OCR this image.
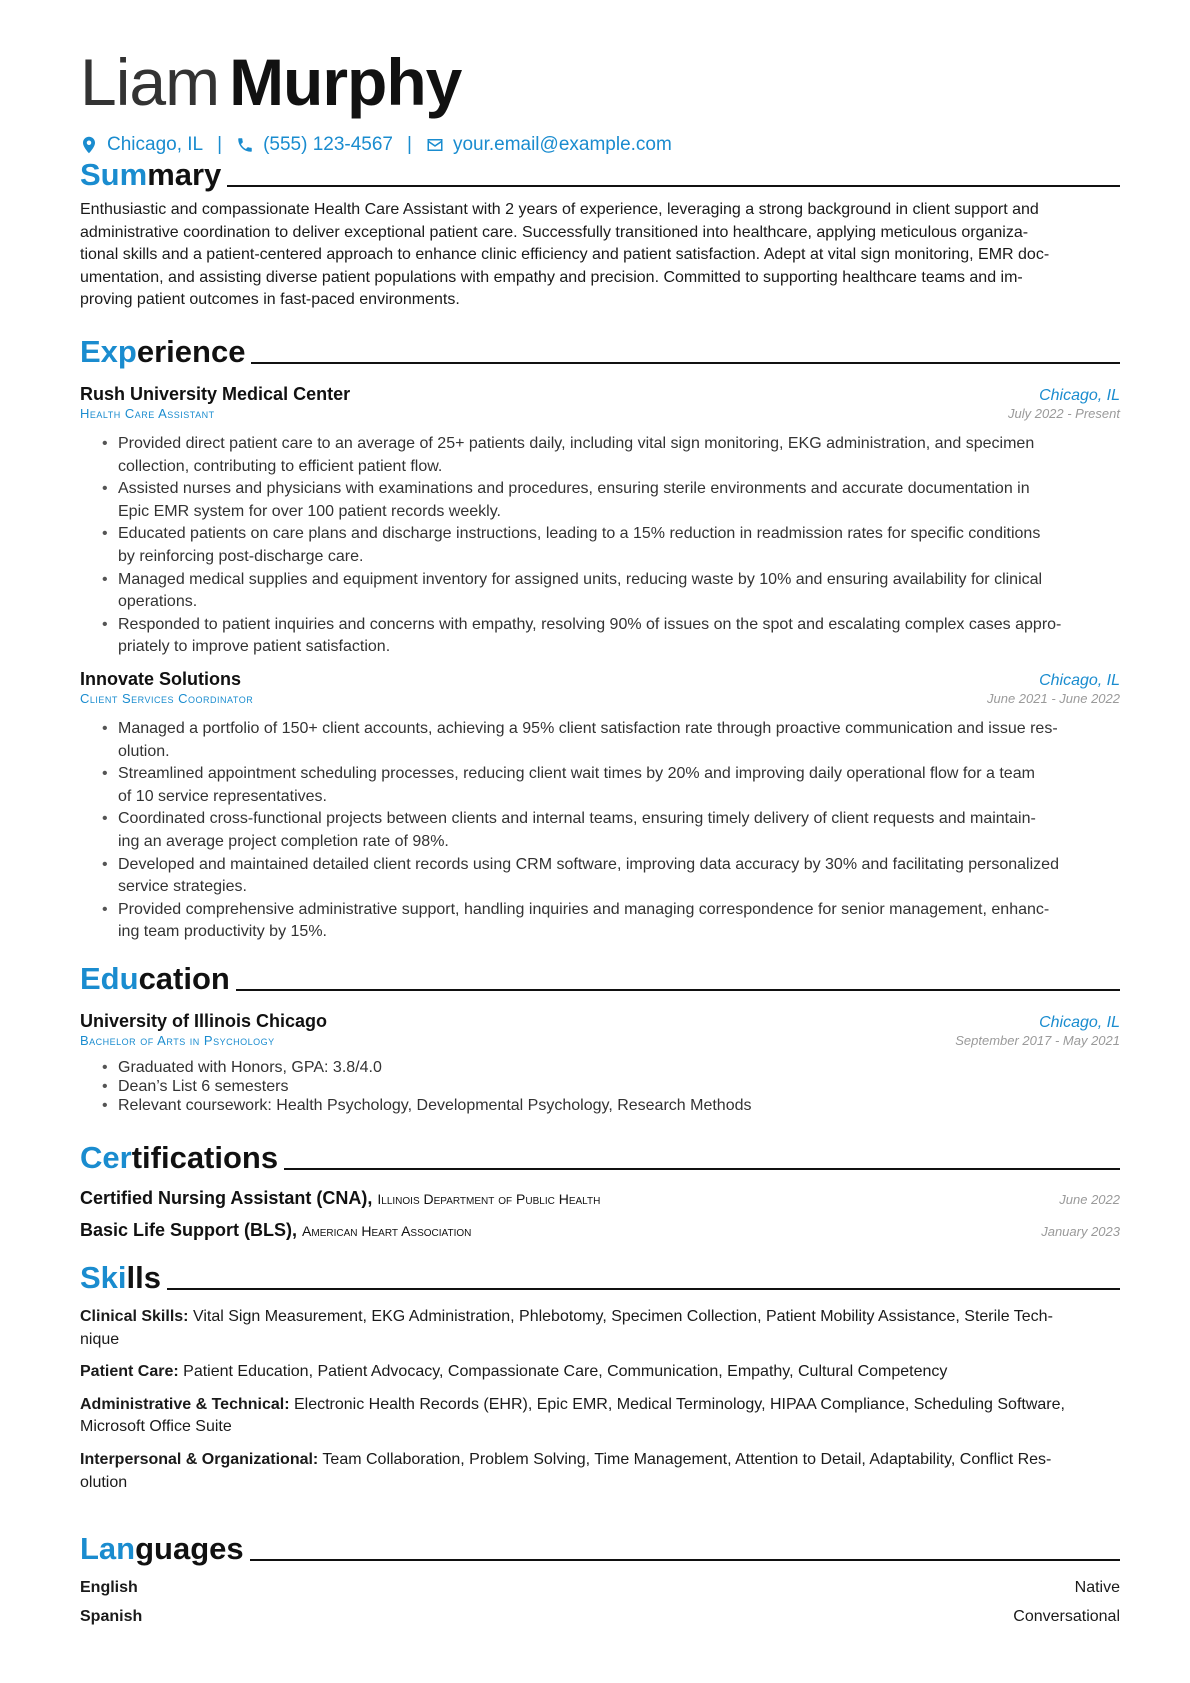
Liam Murphy
Chicago, IL | (555) 123-4567 | your.email@example.com
Summary
Enthusiastic and compassionate Health Care Assistant with 2 years of experience, leveraging a strong background in client support and
administrative coordination to deliver exceptional patient care. Successfully transitioned into healthcare, applying meticulous organiza-
tional skills and a patient-centered approach to enhance clinic efficiency and patient satisfaction. Adept at vital sign monitoring, EMR doc-
umentation, and assisting diverse patient populations with empathy and precision. Committed to supporting healthcare teams and im-
proving patient outcomes in fast-paced environments.
Experience
Rush University Medical Center	Chicago, IL
Health Care Assistant	July 2022 - Present
• Provided direct patient care to an average of 25+ patients daily, including vital sign monitoring, EKG administration, and specimen
collection, contributing to efficient patient flow.
• Assisted nurses and physicians with examinations and procedures, ensuring sterile environments and accurate documentation in
Epic EMR system for over 100 patient records weekly.
• Educated patients on care plans and discharge instructions, leading to a 15% reduction in readmission rates for specific conditions
by reinforcing post-discharge care.
• Managed medical supplies and equipment inventory for assigned units, reducing waste by 10% and ensuring availability for clinical
operations.
• Responded to patient inquiries and concerns with empathy, resolving 90% of issues on the spot and escalating complex cases appro-
priately to improve patient satisfaction.
Innovate Solutions	Chicago, IL
Client Services Coordinator	June 2021 - June 2022
• Managed a portfolio of 150+ client accounts, achieving a 95% client satisfaction rate through proactive communication and issue res-
olution.
• Streamlined appointment scheduling processes, reducing client wait times by 20% and improving daily operational flow for a team
of 10 service representatives.
• Coordinated cross-functional projects between clients and internal teams, ensuring timely delivery of client requests and maintain-
ing an average project completion rate of 98%.
• Developed and maintained detailed client records using CRM software, improving data accuracy by 30% and facilitating personalized
service strategies.
• Provided comprehensive administrative support, handling inquiries and managing correspondence for senior management, enhanc-
ing team productivity by 15%.
Education
University of Illinois Chicago	Chicago, IL
Bachelor of Arts in Psychology	September 2017 - May 2021
• Graduated with Honors, GPA: 3.8/4.0
• Dean’s List 6 semesters
• Relevant coursework: Health Psychology, Developmental Psychology, Research Methods
Certifications
Certified Nursing Assistant (CNA), Illinois Department of Public Health	June 2022
Basic Life Support (BLS), American Heart Association	January 2023
Skills
Clinical Skills: Vital Sign Measurement, EKG Administration, Phlebotomy, Specimen Collection, Patient Mobility Assistance, Sterile Tech-
nique
Patient Care: Patient Education, Patient Advocacy, Compassionate Care, Communication, Empathy, Cultural Competency
Administrative & Technical: Electronic Health Records (EHR), Epic EMR, Medical Terminology, HIPAA Compliance, Scheduling Software,
Microsoft Office Suite
Interpersonal & Organizational: Team Collaboration, Problem Solving, Time Management, Attention to Detail, Adaptability, Conflict Res-
olution
Languages
English	Native
Spanish	Conversational
